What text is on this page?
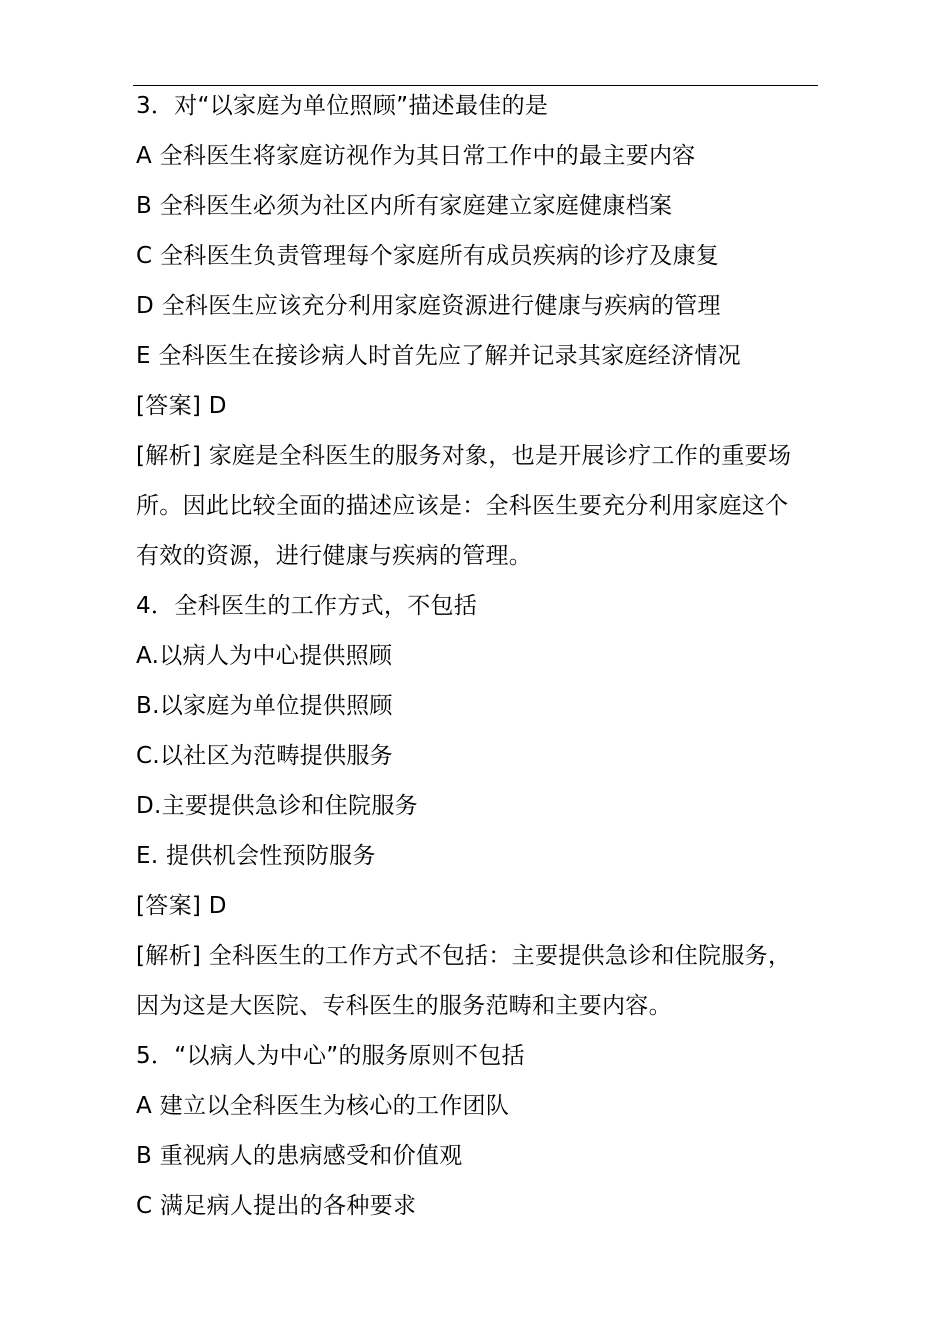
3．对“以家庭为单位照顾”描述最佳的是
A 全科医生将家庭访视作为其日常工作中的最主要内容
B 全科医生必须为社区内所有家庭建立家庭健康档案
C 全科医生负责管理每个家庭所有成员疾病的诊疗及康复
D 全科医生应该充分利用家庭资源进行健康与疾病的管理
E 全科医生在接诊病人时首先应了解并记录其家庭经济情况
[答案] D

[解析] 家庭是全科医生的服务对象，也是开展诊疗工作的重要场
所。因此比较全面的描述应该是：全科医生要充分利用家庭这个
有效的资源，进行健康与疾病的管理。

4．全科医生的工作方式，不包括
A.以病人为中心提供照顾
B.以家庭为单位提供照顾
C.以社区为范畴提供服务
D.主要提供急诊和住院服务
E. 提供机会性预防服务
[答案] D

[解析] 全科医生的工作方式不包括：主要提供急诊和住院服务，
因为这是大医院、专科医生的服务范畴和主要内容。

5．“以病人为中心”的服务原则不包括
A 建立以全科医生为核心的工作团队
B 重视病人的患病感受和价值观
C 满足病人提出的各种要求
